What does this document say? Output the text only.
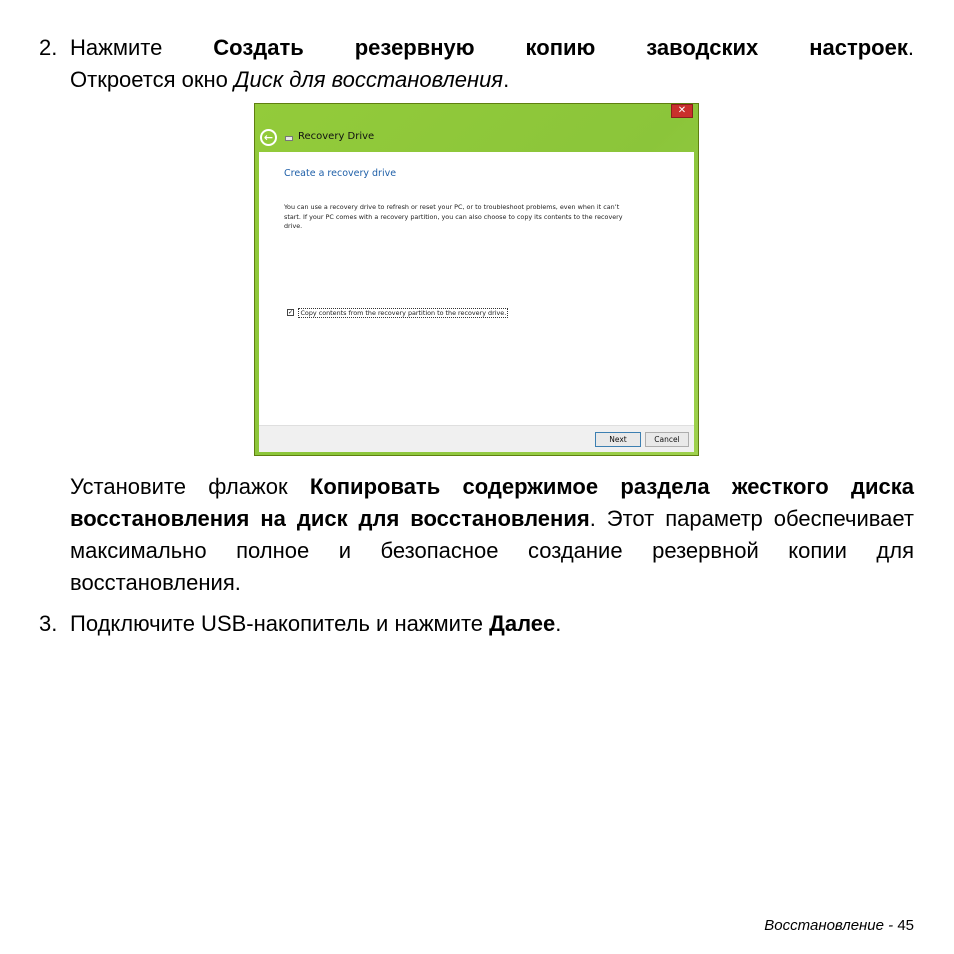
2. Нажмите Создать резервную копию заводских настроек.
Откроется окно Диск для восстановления.
✕
←	Recovery Drive
Create a recovery drive
You can use a recovery drive to refresh or reset your PC, or to troubleshoot problems, even when it can’t start. If your PC comes with a recovery partition, you can also choose to copy its contents to the recovery drive.
✓ Copy contents from the recovery partition to the recovery drive.
Next	Cancel
Установите флажок Копировать содержимое раздела жесткого диска восстановления на диск для восстановления. Этот параметр обеспечивает максимально полное и безопасное создание резервной копии для восстановления.
3. Подключите USB-накопитель и нажмите Далее.
Восстановление - 45
